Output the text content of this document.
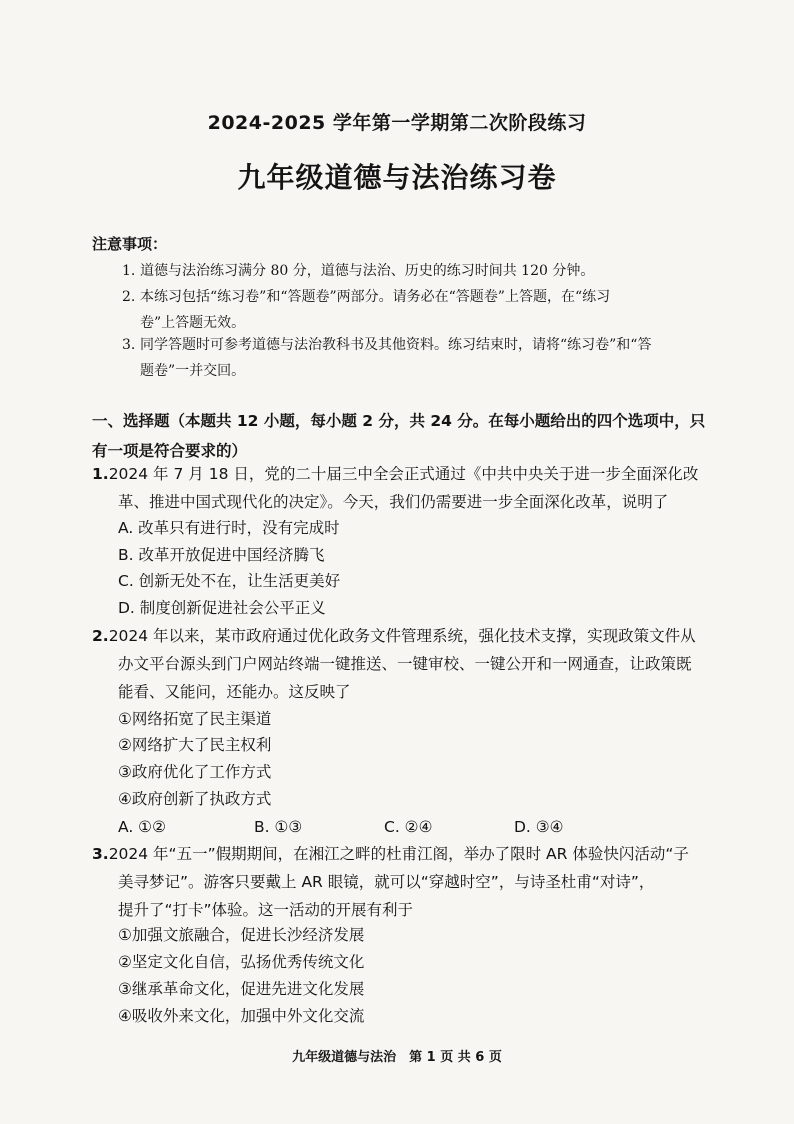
2024-2025 学年第一学期第二次阶段练习
九年级道德与法治练习卷
注意事项：
1. 道德与法治练习满分 80 分，道德与法治、历史的练习时间共 120 分钟。
2. 本练习包括“练习卷”和“答题卷”两部分。请务必在“答题卷”上答题，在“练习
卷”上答题无效。
3. 同学答题时可参考道德与法治教科书及其他资料。练习结束时，请将“练习卷”和“答
题卷”一并交回。
一、选择题（本题共 12 小题，每小题 2 分，共 24 分。在每小题给出的四个选项中，只
有一项是符合要求的）
1.2024 年 7 月 18 日，党的二十届三中全会正式通过《中共中央关于进一步全面深化改
革、推进中国式现代化的决定》。今天，我们仍需要进一步全面深化改革，说明了
A. 改革只有进行时，没有完成时
B. 改革开放促进中国经济腾飞
C. 创新无处不在，让生活更美好
D. 制度创新促进社会公平正义
2.2024 年以来，某市政府通过优化政务文件管理系统，强化技术支撑，实现政策文件从
办文平台源头到门户网站终端一键推送、一键审校、一键公开和一网通查，让政策既
能看、又能问，还能办。这反映了
①网络拓宽了民主渠道
②网络扩大了民主权利
③政府优化了工作方式
④政府创新了执政方式
A. ①②	B. ①③	C. ②④	D. ③④
3.2024 年“五一”假期期间，在湘江之畔的杜甫江阁，举办了限时 AR 体验快闪活动“子
美寻梦记”。游客只要戴上 AR 眼镜，就可以“穿越时空”，与诗圣杜甫“对诗”，
提升了“打卡”体验。这一活动的开展有利于
①加强文旅融合，促进长沙经济发展
②坚定文化自信，弘扬优秀传统文化
③继承革命文化，促进先进文化发展
④吸收外来文化，加强中外文化交流
九年级道德与法治　第 1 页 共 6 页
